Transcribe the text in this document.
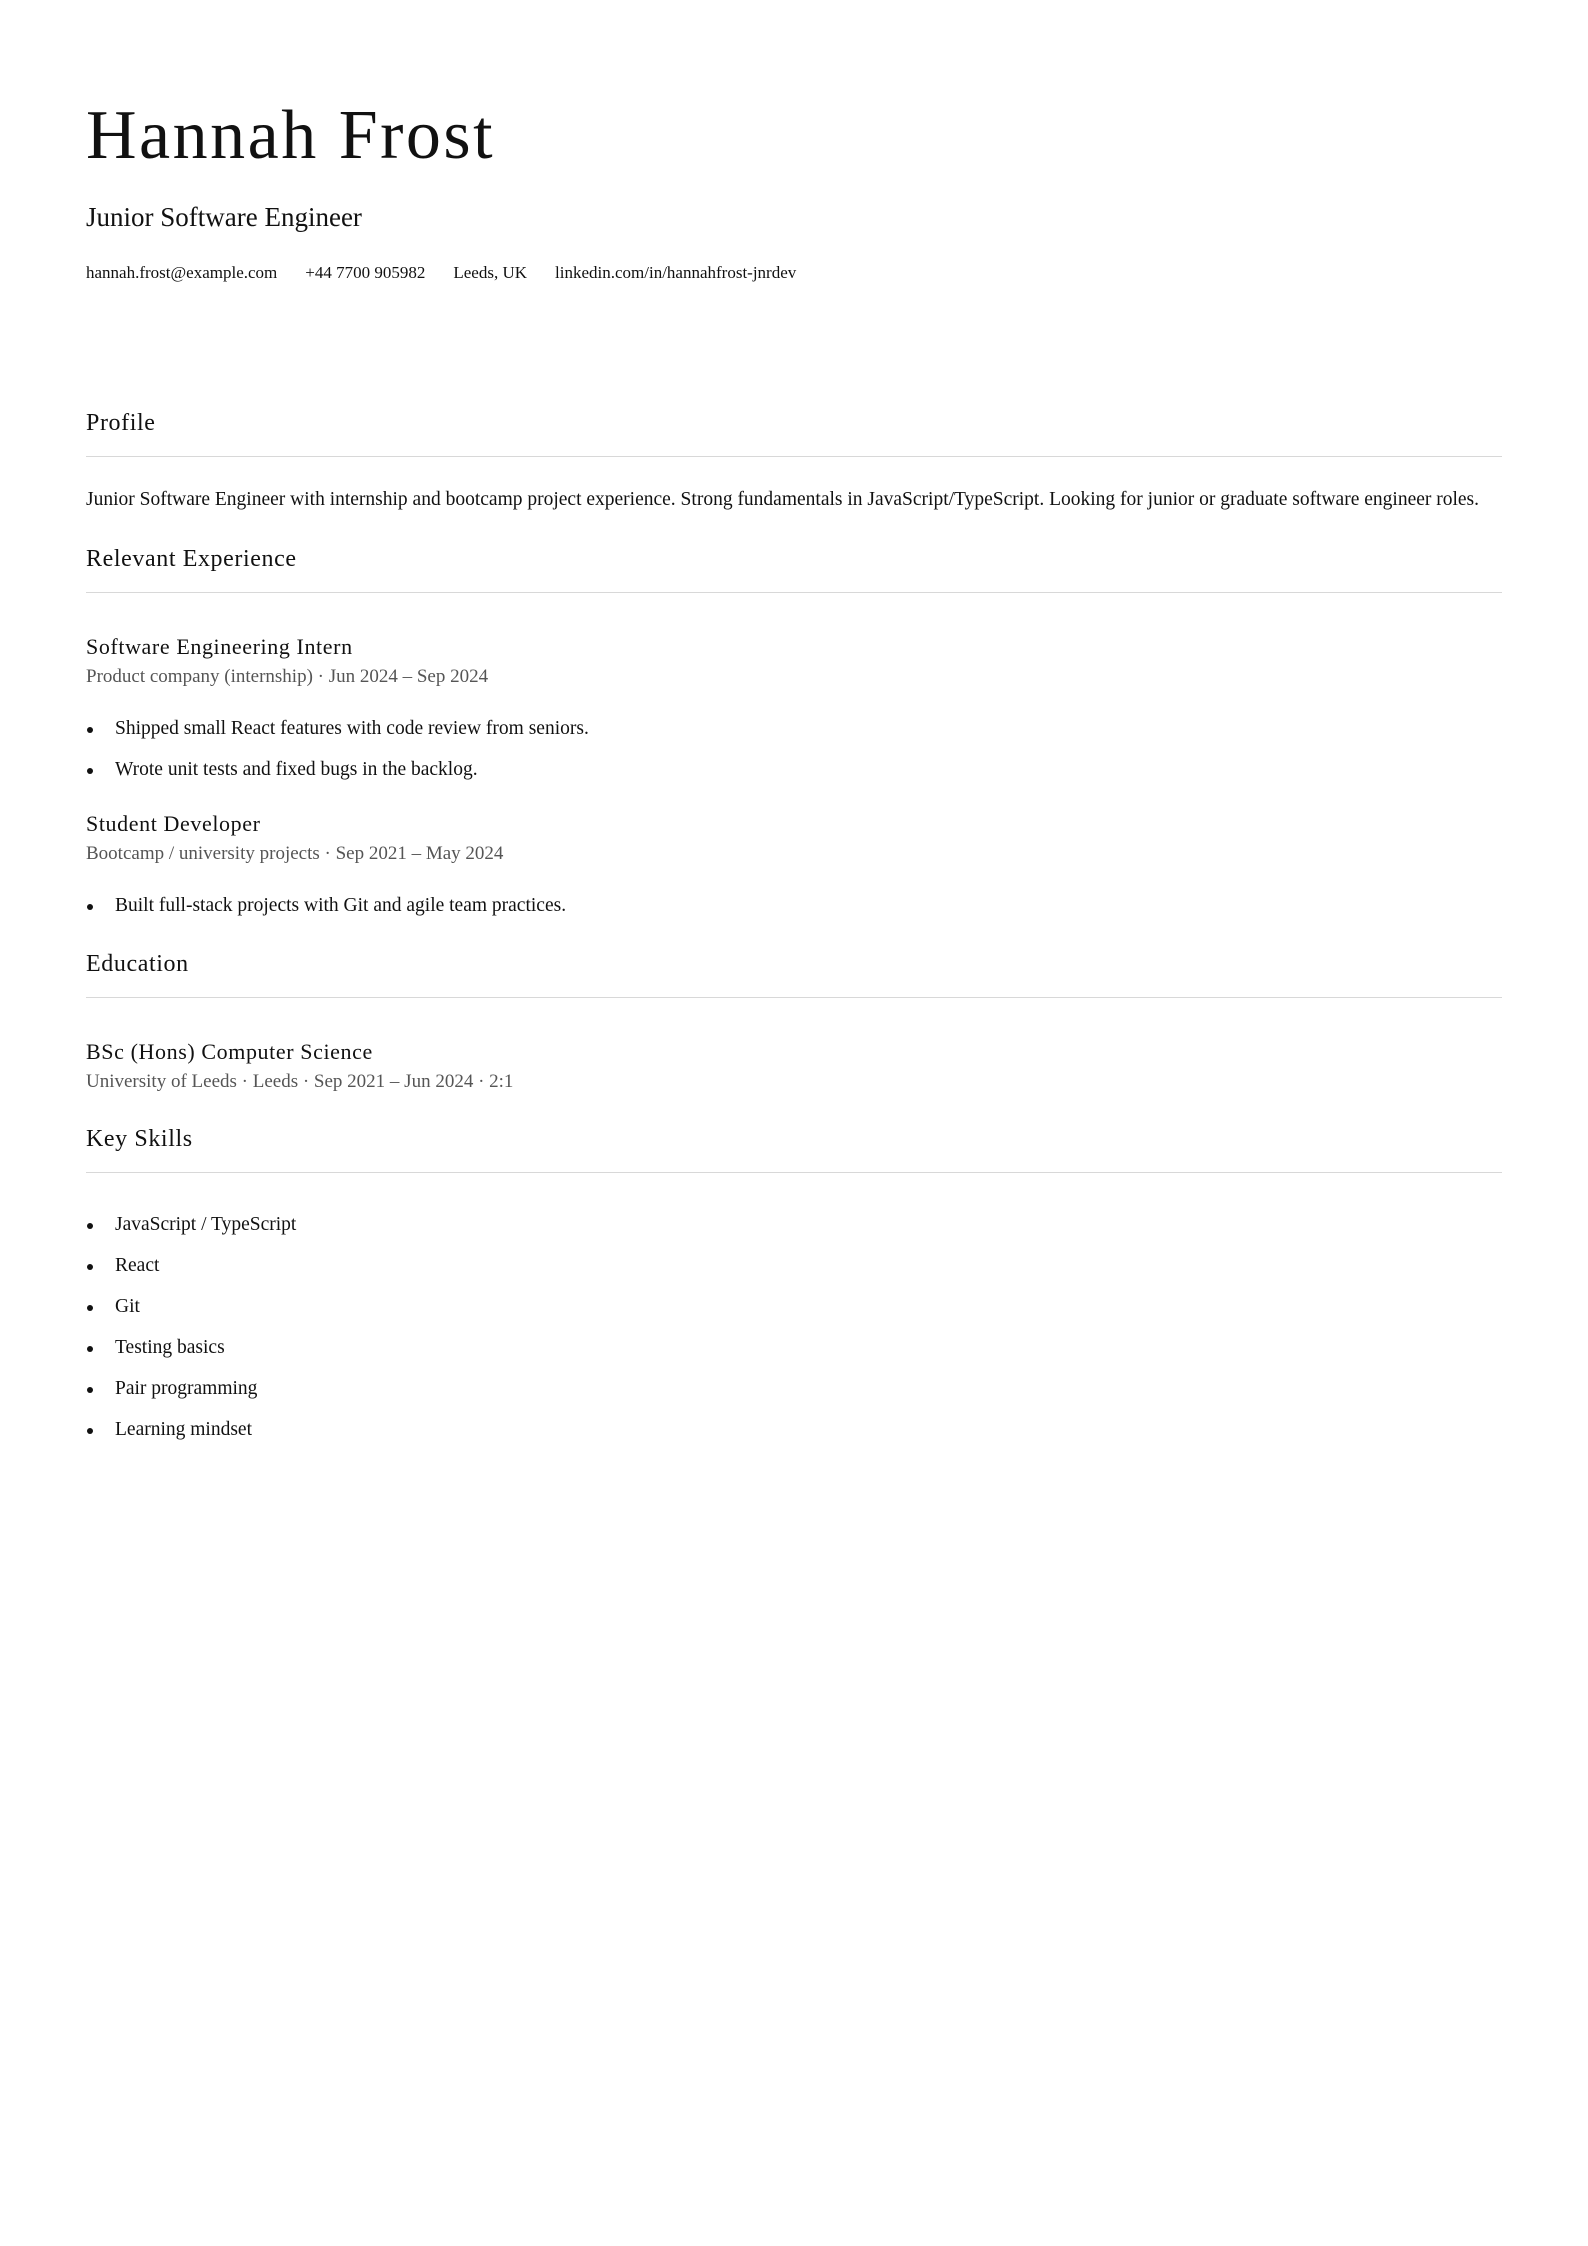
Hannah Frost
Junior Software Engineer
hannah.frost@example.com +44 7700 905982 Leeds, UK linkedin.com/in/hannahfrost-jnrdev
Profile
Junior Software Engineer with internship and bootcamp project experience. Strong fundamentals in JavaScript/TypeScript. Looking for junior or graduate software engineer roles.
Relevant Experience
Software Engineering Intern
Product company (internship) · Jun 2024 – Sep 2024
Shipped small React features with code review from seniors.
Wrote unit tests and fixed bugs in the backlog.
Student Developer
Bootcamp / university projects · Sep 2021 – May 2024
Built full-stack projects with Git and agile team practices.
Education
BSc (Hons) Computer Science
University of Leeds · Leeds · Sep 2021 – Jun 2024 · 2:1
Key Skills
JavaScript / TypeScript
React
Git
Testing basics
Pair programming
Learning mindset
